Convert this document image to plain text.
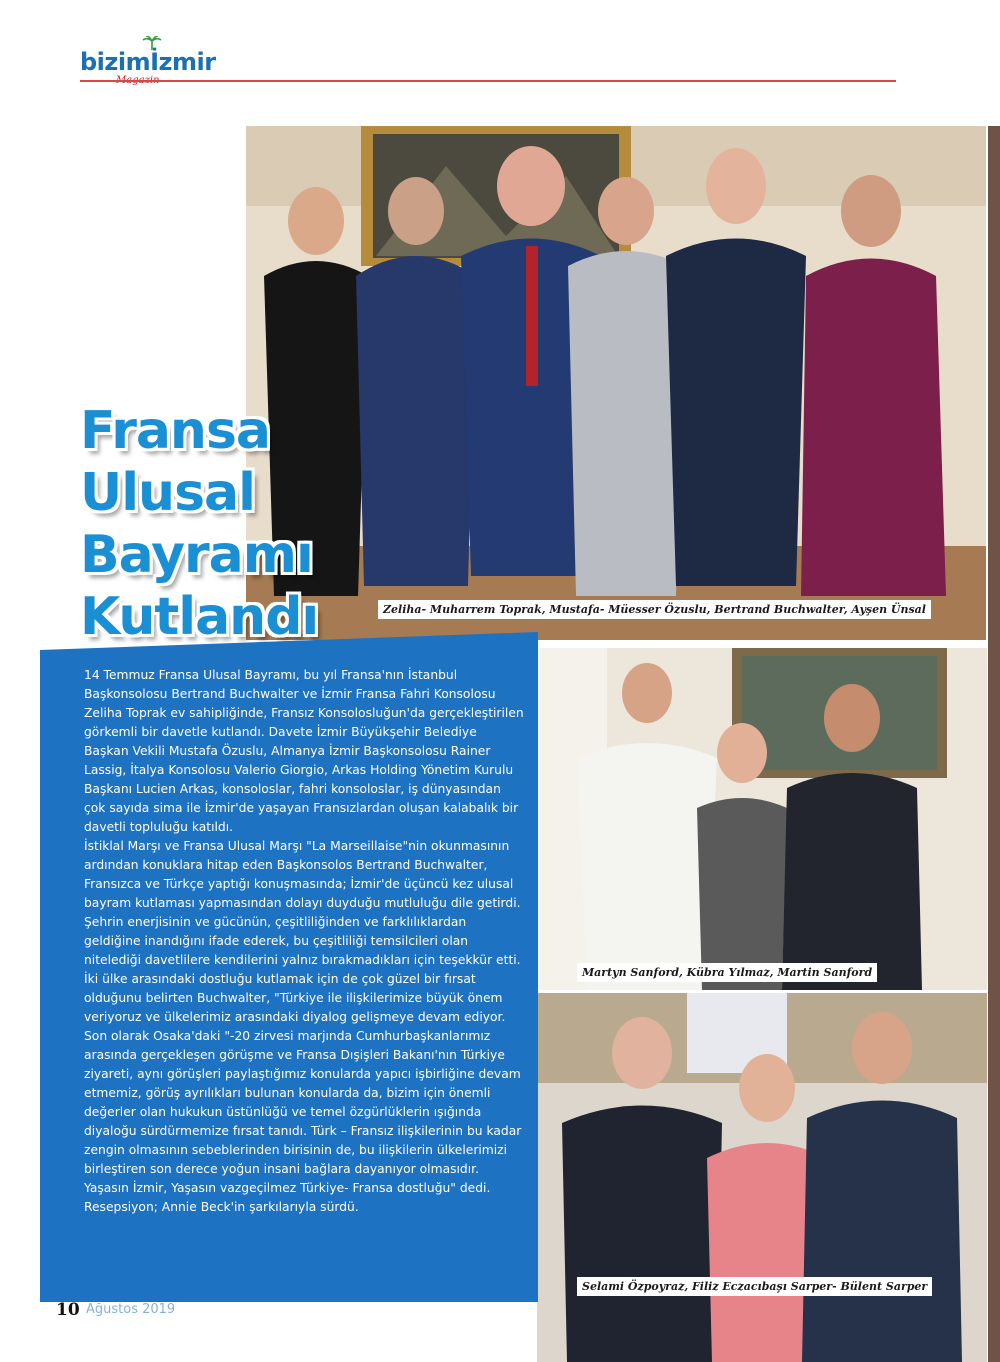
bizimİzmir
Zeliha- Muharrem Toprak, Mustafa- Müesser Özuslu, Bertrand Buchwalter, Ayşen Ünsal
Martyn Sanford, Kübra Yılmaz, Martin Sanford
Selami Özpoyraz, Filiz Eczacıbaşı Sarper- Bülent Sarper
Fransa
Ulusal
Bayramı
Kutlandı

14 Temmuz Fransa Ulusal Bayramı, bu yıl Fransa'nın İstanbul Başkonsolosu Bertrand Buchwalter ve İzmir Fransa Fahri Konsolosu Zeliha Toprak ev sahipliğinde, Fransız Konsolosluğun'da gerçekleştirilen görkemli bir davetle kutlandı. Davete İzmir Büyükşehir Belediye Başkan Vekili Mustafa Özuslu, Almanya İzmir Başkonsolosu Rainer Lassig, İtalya Konsolosu Valerio Giorgio, Arkas Holding Yönetim Kurulu Başkanı Lucien Arkas, konsoloslar, fahri konsoloslar, iş dünyasından çok sayıda sima ile İzmir'de yaşayan Fransızlardan oluşan kalabalık bir davetli topluluğu katıldı.

İstiklal Marşı ve Fransa Ulusal Marşı "La Marseillaise"nin okunmasının ardından konuklara hitap eden Başkonsolos Bertrand Buchwalter, Fransızca ve Türkçe yaptığı konuşmasında; İzmir'de üçüncü kez ulusal bayram kutlaması yapmasından dolayı duyduğu mutluluğu dile getirdi. Şehrin enerjisinin ve gücünün, çeşitliliğinden ve farklılıklardan geldiğine inandığını ifade ederek, bu çeşitliliği temsilcileri olan nitelediği davetlilere kendilerini yalnız bırakmadıkları için teşekkür etti.

İki ülke arasındaki dostluğu kutlamak için de çok güzel bir fırsat olduğunu belirten Buchwalter, "Türkiye ile ilişkilerimize büyük önem veriyoruz ve ülkelerimiz arasındaki diyalog gelişmeye devam ediyor. Son olarak Osaka'daki "-20 zirvesi marjında Cumhurbaşkanlarımız arasında gerçekleşen görüşme ve Fransa Dışişleri Bakanı'nın Türkiye ziyareti, aynı görüşleri paylaştığımız konularda yapıcı işbirliğine devam etmemiz, görüş ayrılıkları bulunan konularda da, bizim için önemli değerler olan hukukun üstünlüğü ve temel özgürlüklerin ışığında diyaloğu sürdürmemize fırsat tanıdı. Türk – Fransız ilişkilerinin bu kadar zengin olmasının sebeblerinden birisinin de, bu ilişkilerin ülkelerimizi birleştiren son derece yoğun insani bağlara dayanıyor olmasıdır. Yaşasın İzmir, Yaşasın vazgeçilmez Türkiye- Fransa dostluğu" dedi.

Resepsiyon; Annie Beck'in şarkılarıyla sürdü.

10 Ağustos 2019
